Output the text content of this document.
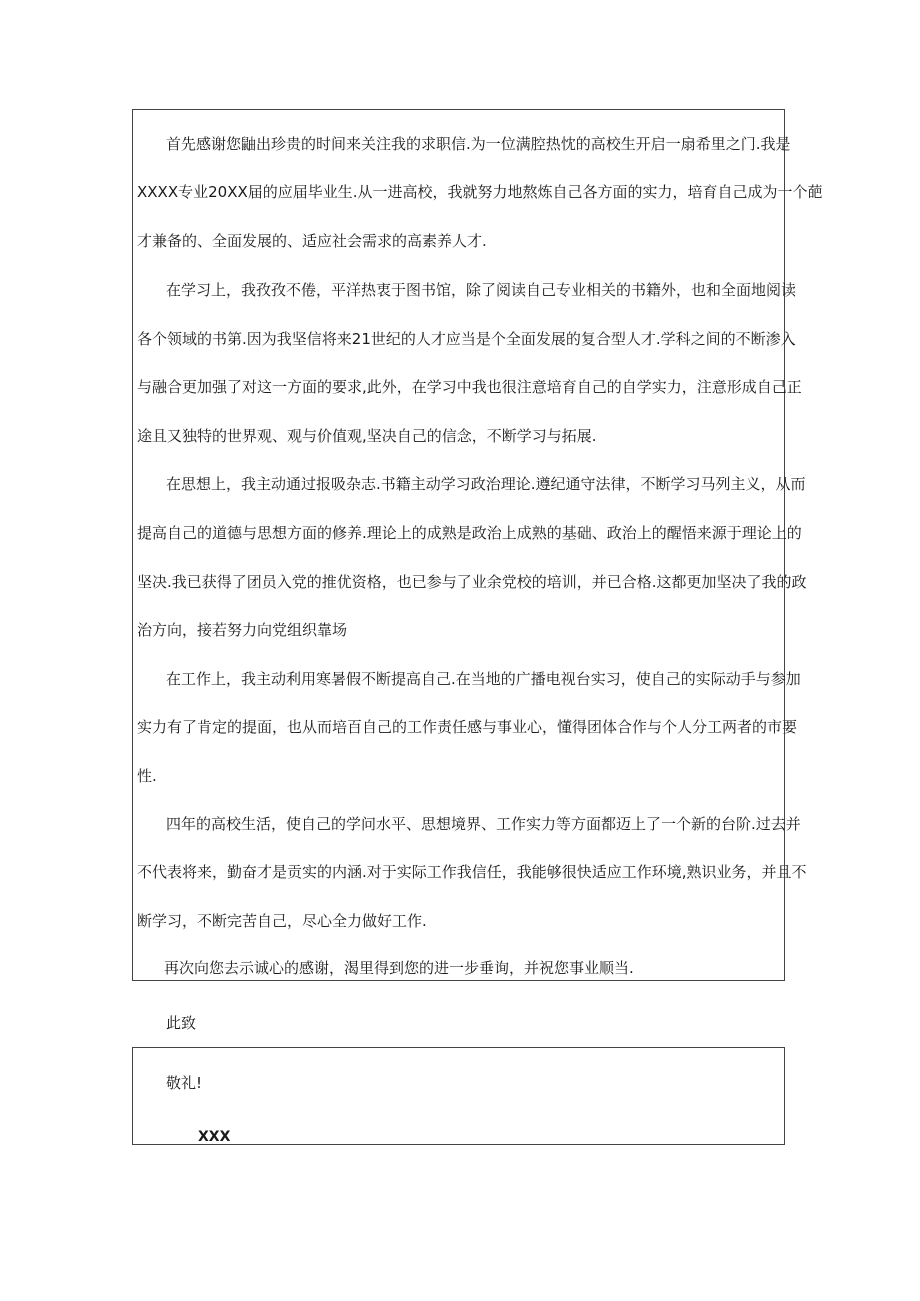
首先感谢您鼬出珍贵的时间来关注我的求职信.为一位满腔热忱的高校生开启一扇希里之门.我是
XXXX专业20XX届的应届毕业生.从一进高校，我就努力地熬炼自己各方面的实力，培育自己成为一个葩
才兼备的、全面发展的、适应社会需求的高素养人才.
在学习上，我孜孜不倦，平洋热衷于图书馆，除了阅读自己专业相关的书籍外，也和全面地阅读
各个领域的书第.因为我坚信将来21世纪的人才应当是个全面发展的复合型人才.学科之间的不断渗入
与融合更加强了对这一方面的要求,此外，在学习中我也很注意培育自己的自学实力，注意形成自己正
途且又独特的世界观、观与价值观,坚决自己的信念，不断学习与拓展.
在思想上，我主动通过报吸杂志.书籍主动学习政治理论.遵纪通守法律，不断学习马列主义，从而
提高自己的道德与思想方面的修养.理论上的成熟是政治上成熟的基础、政治上的醒悟来源于理论上的
坚决.我已获得了团员入党的推优资格，也已参与了业余党校的培训，并已合格.这都更加坚决了我的政
治方向，接若努力向党组织靠场
在工作上，我主动利用寒暑假不断提高自己.在当地的广播电视台实习，使自己的实际动手与参加
实力有了肯定的提面，也从而培百自己的工作责任感与事业心，懂得团体合作与个人分工两者的市要
性.
四年的高校生活，使自己的学问水平、思想境界、工作实力等方面都迈上了一个新的台阶.过去并
不代表将来，勤奋才是贡实的内涵.对于实际工作我信任，我能够很快适应工作环境,熟识业务，并且不
断学习，不断完苦自己，尽心全力做好工作.
再次向您去示诚心的感谢，渴里得到您的进一步垂询，并祝您事业顺当.
此致
敬礼!
XXX
